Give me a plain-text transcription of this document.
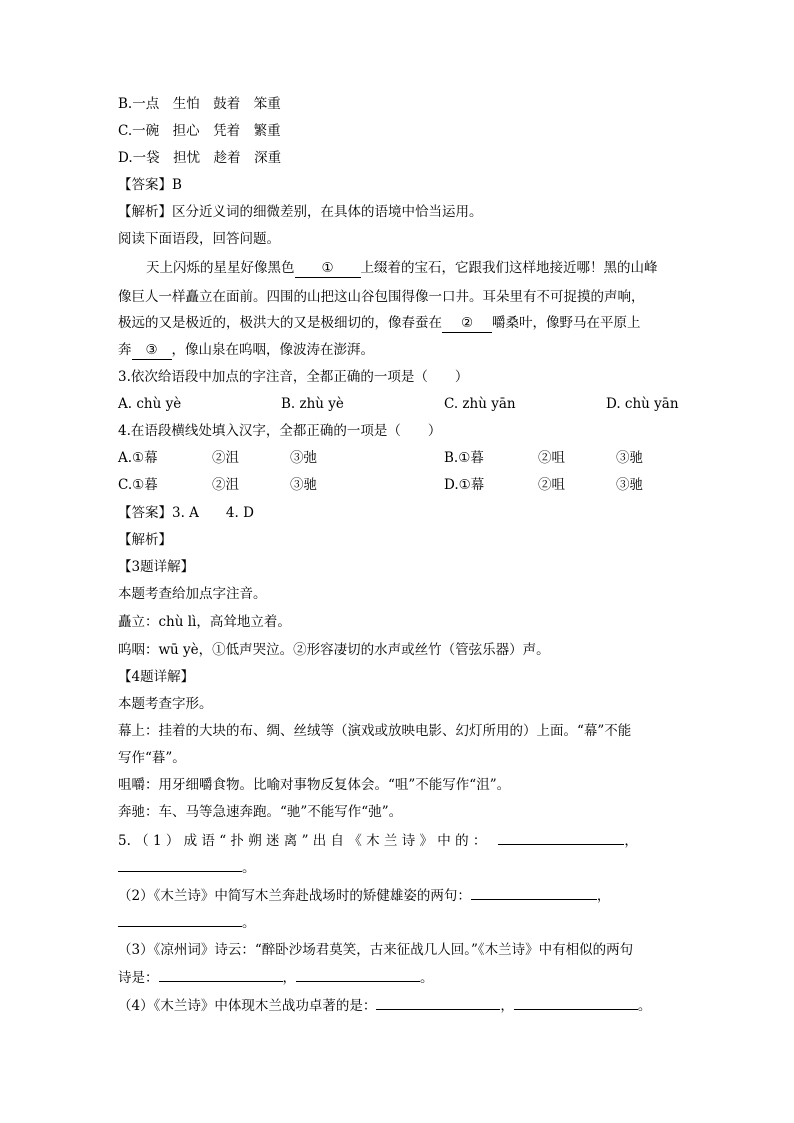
B.一点　生怕　鼓着　笨重
C.一碗　担心　凭着　繁重
D.一袋　担忧　趁着　深重
【答案】B
【解析】区分近义词的细微差别，在具体的语境中恰当运用。
阅读下面语段，回答问题。
天上闪烁的星星好像黑色 ① 上缀着的宝石，它跟我们这样地接近哪！黑的山峰
像巨人一样矗立在面前。四围的山把这山谷包围得像一口井。耳朵里有不可捉摸的声响，
极远的又是极近的，极洪大的又是极细切的，像春蚕在 ② 嚼桑叶，像野马在平原上
奔 ③ ，像山泉在呜咽，像波涛在澎湃。
3.依次给语段中加点的字注音，全都正确的一项是（　　）
A. chù yè	B. zhù yè	C. zhù yān	D. chù yān
4.在语段横线处填入汉字，全都正确的一项是（　　）
A.①幕	②沮	③弛	B.①暮	②咀	③驰
C.①暮	②沮	③驰	D.①幕	②咀	③驰
【答案】3. A　　4. D
【解析】
【3题详解】
本题考查给加点字注音。
矗立：chù lì，高耸地立着。
呜咽：wū yè，①低声哭泣。②形容凄切的水声或丝竹（管弦乐器）声。
【4题详解】
本题考查字形。
幕上：挂着的大块的布、绸、丝绒等（演戏或放映电影、幻灯所用的）上面。“幕”不能
写作“暮”。
咀嚼：用牙细嚼食物。比喻对事物反复体会。“咀”不能写作“沮”。
奔驰：车、马等急速奔跑。“驰”不能写作“弛”。
5. （ 1 ） 成 语 “ 扑 朔 迷 离 ” 出 自 《 木 兰 诗 》 中 的 ：	，
。
（2）《木兰诗》中简写木兰奔赴战场时的矫健雄姿的两句：	，
。
（3）《凉州词》诗云：“醉卧沙场君莫笑，古来征战几人回。”《木兰诗》中有相似的两句
诗是：	，	。
（4）《木兰诗》中体现木兰战功卓著的是：	，	。
